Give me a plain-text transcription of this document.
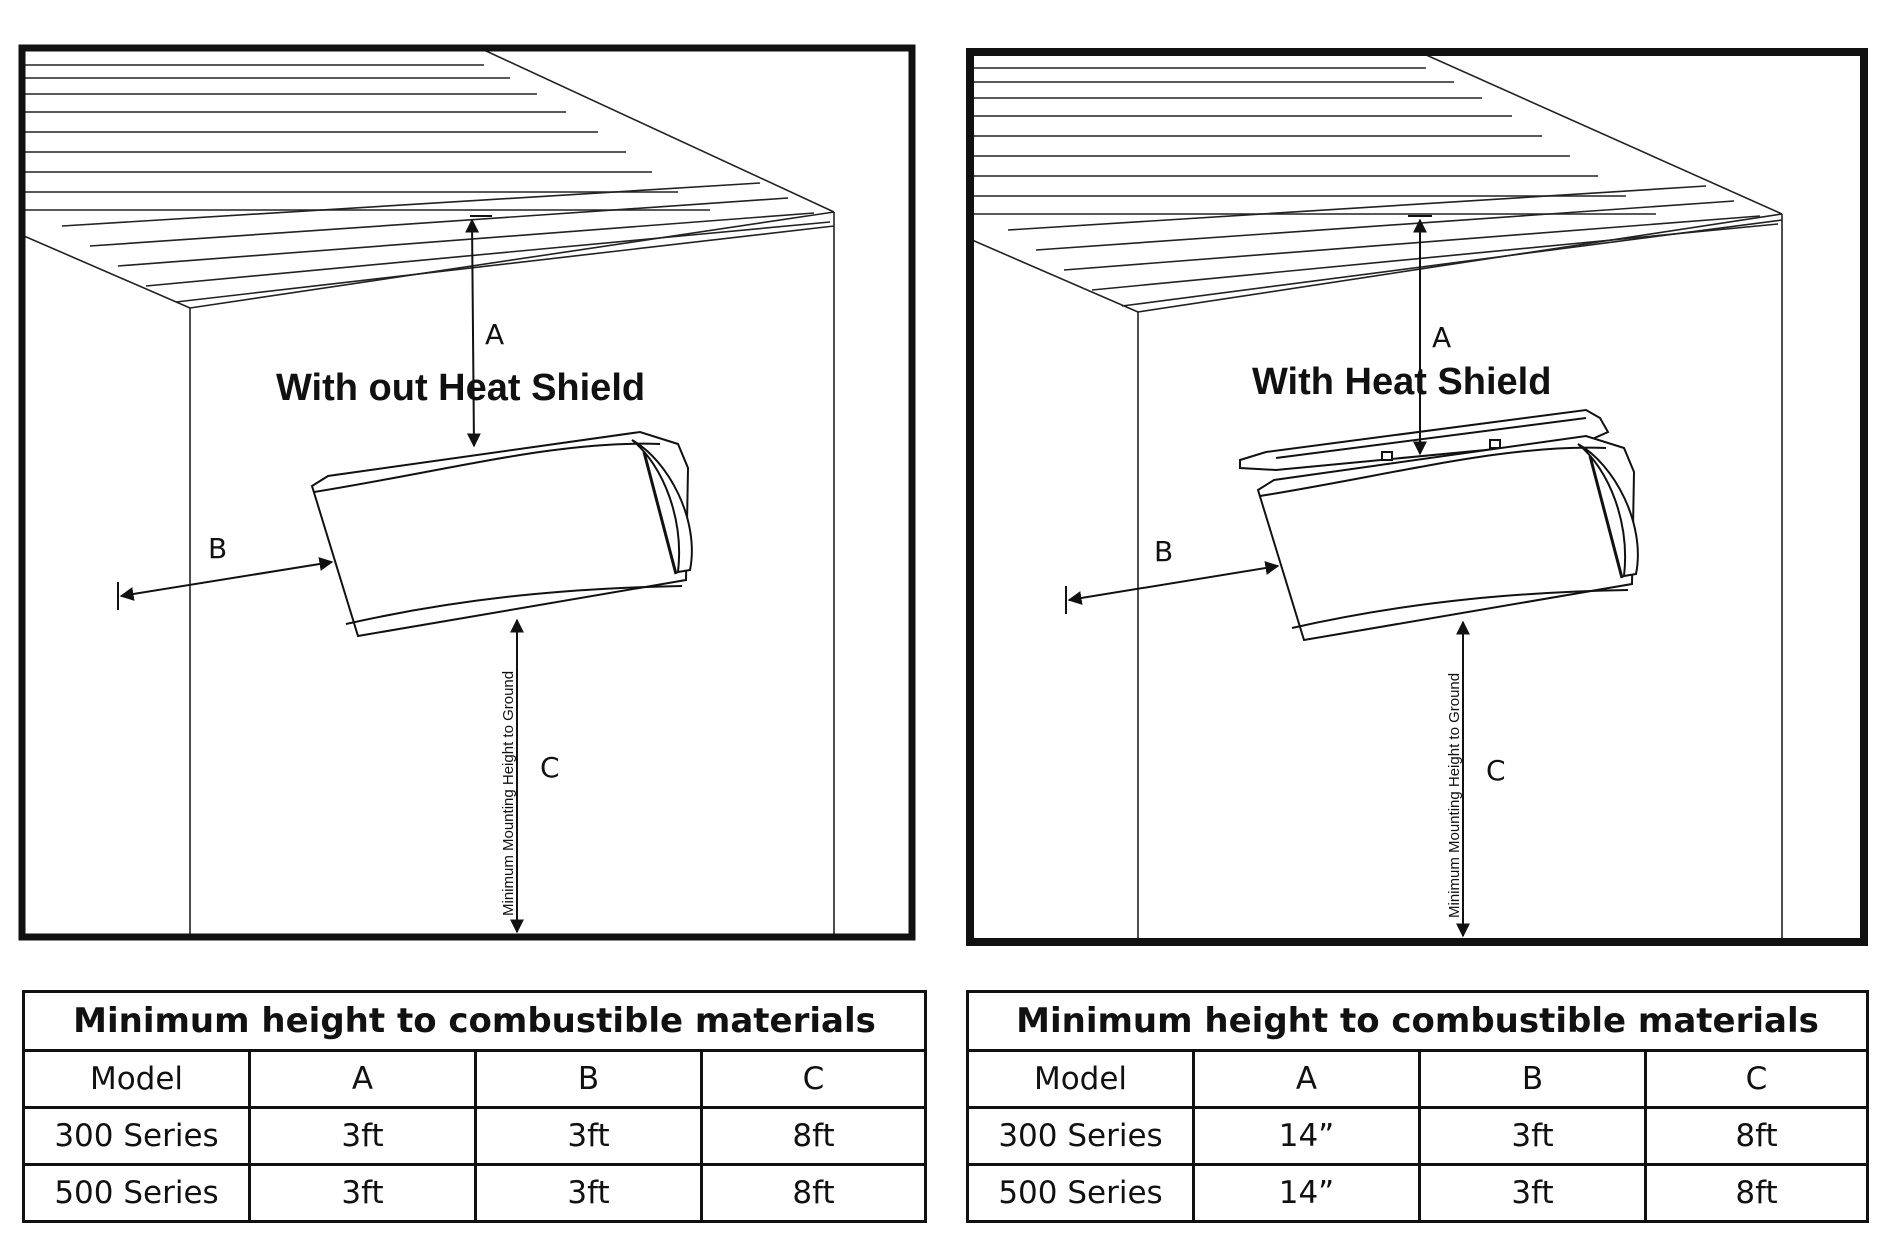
A
B
C
Minimum Mounting Height to Ground
With out Heat Shield
A
B
C
Minimum Mounting Height to Ground
With Heat Shield
Minimum height to combustible materials			
Model	A	B	C
300 Series	3ft	3ft	8ft
500 Series	3ft	3ft	8ft
Minimum height to combustible materials			
Model	A	B	C
300 Series	14”	3ft	8ft
500 Series	14”	3ft	8ft
